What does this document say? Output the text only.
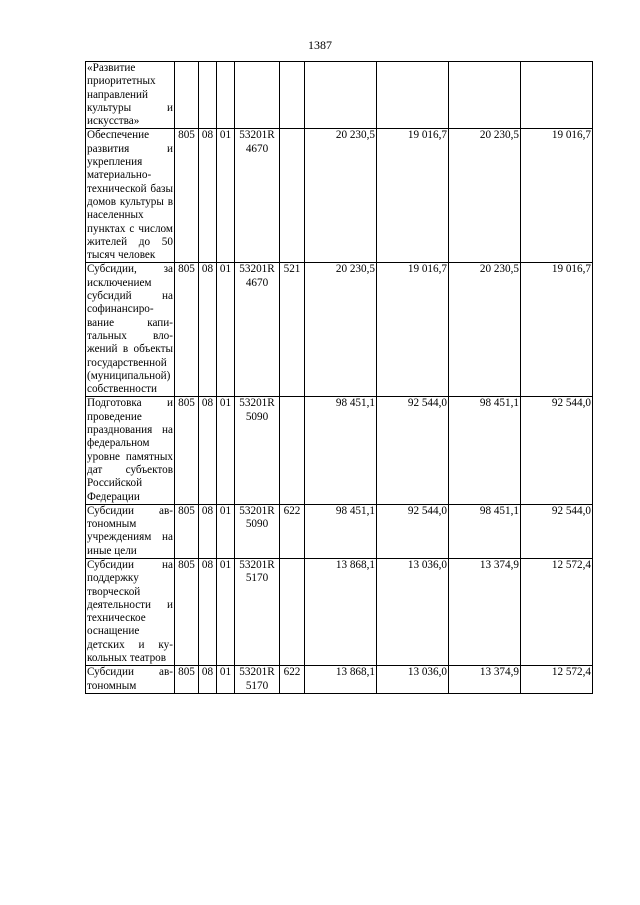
1387
«Развитие приоритетных направлений культуры и искусства»									
Обеспечение развития и укрепления материально-технической базы домов культуры в населенных пунктах с числом жителей до 50 тысяч человек	805	08	01	53201R 4670		20 230,5	19 016,7	20 230,5	19 016,7
Субсидии, за исключением субсидий на софинансирование капитальных вложений в объекты государственной (муниципальной) собственности	805	08	01	53201R 4670	521	20 230,5	19 016,7	20 230,5	19 016,7
Подготовка и проведение празднования на федеральном уровне памятных дат субъектов Российской Федерации	805	08	01	53201R 5090		98 451,1	92 544,0	98 451,1	92 544,0
Субсидии автономным учреждениям на иные цели	805	08	01	53201R 5090	622	98 451,1	92 544,0	98 451,1	92 544,0
Субсидии на поддержку творческой деятельности и техническое оснащение детских и кукольных театров	805	08	01	53201R 5170		13 868,1	13 036,0	13 374,9	12 572,4
Субсидии автономным	805	08	01	53201R 5170	622	13 868,1	13 036,0	13 374,9	12 572,4
